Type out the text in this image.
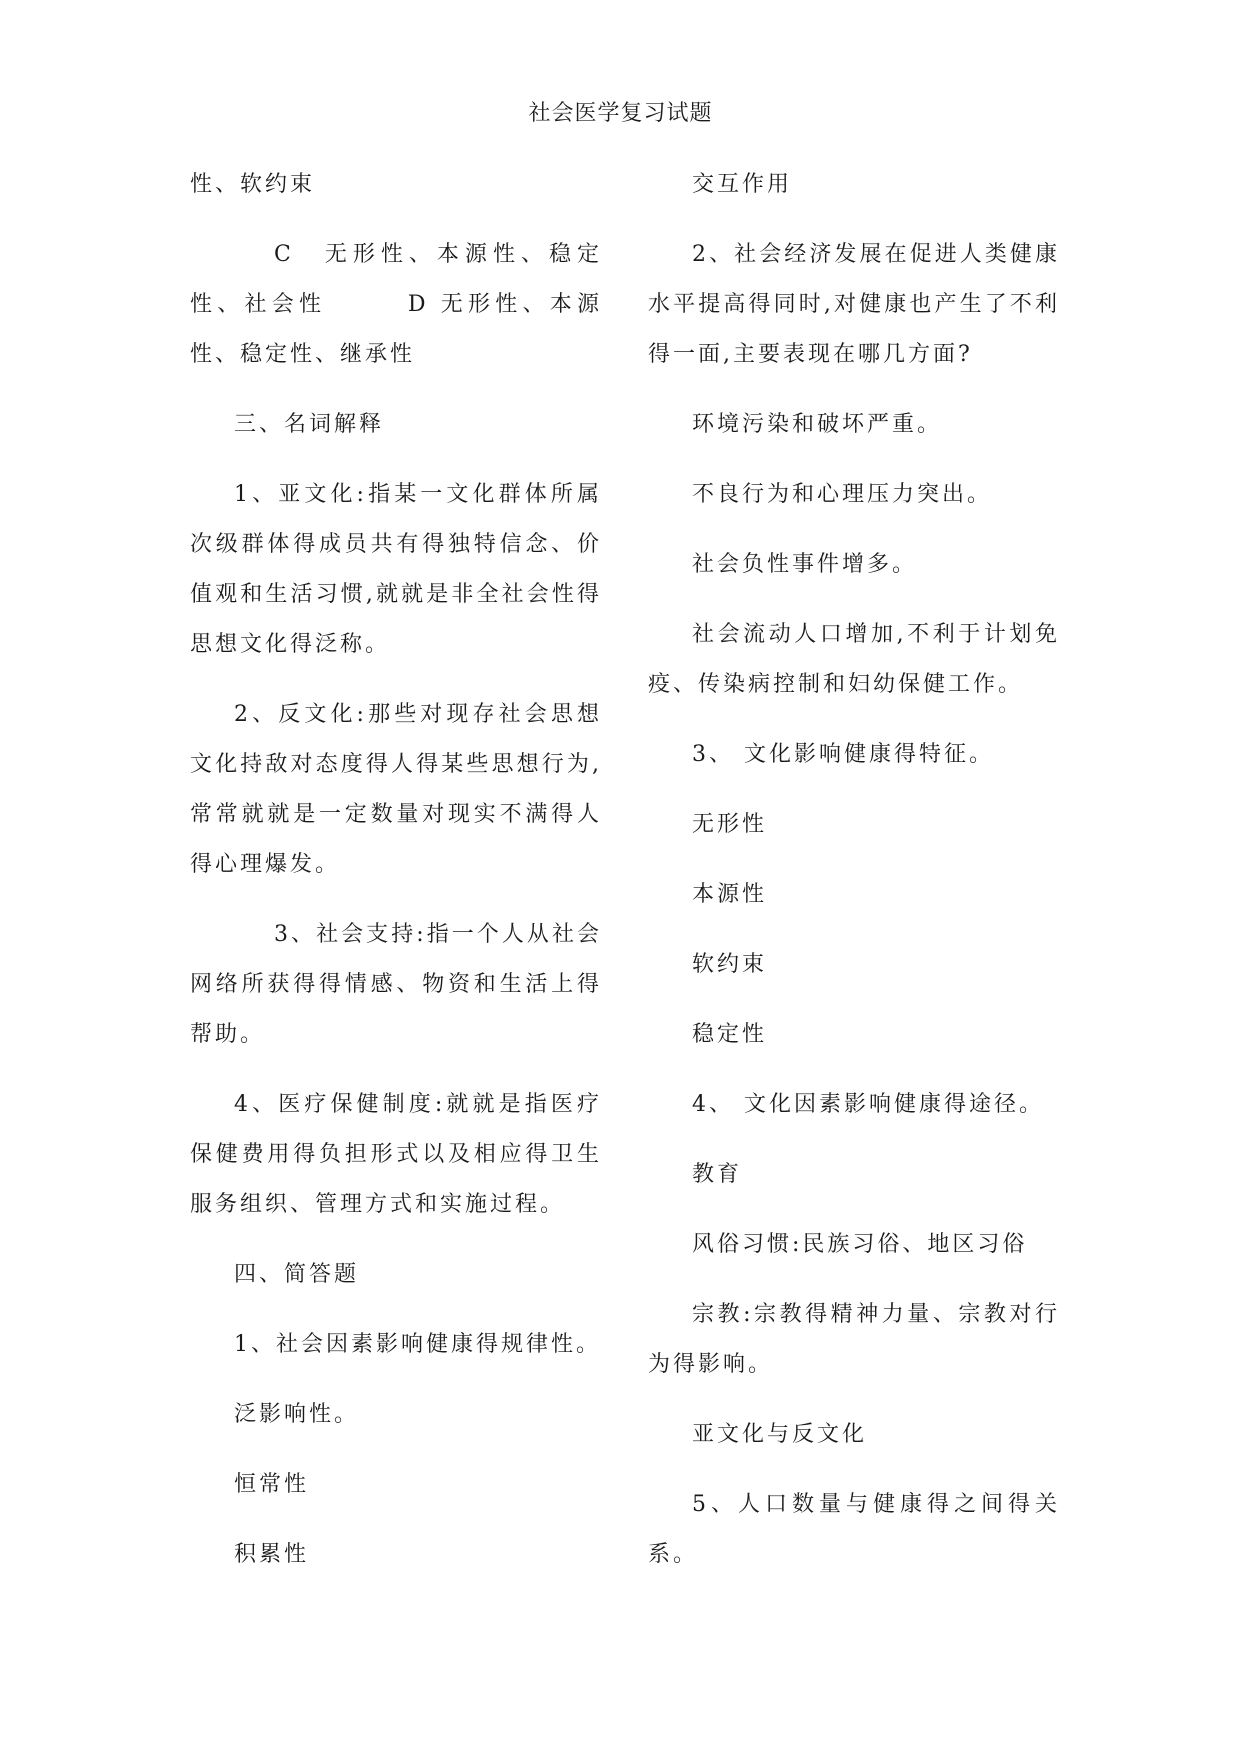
社会医学复习试题

性、软约束

C　无形性、本源性、稳定性、社会性　　　D 无形性、本源性、稳定性、继承性

三、名词解释

1、亚文化:指某一文化群体所属次级群体得成员共有得独特信念、价值观和生活习惯,就就是非全社会性得思想文化得泛称。

2、反文化:那些对现存社会思想文化持敌对态度得人得某些思想行为,常常就就是一定数量对现实不满得人得心理爆发。

3、社会支持:指一个人从社会网络所获得得情感、物资和生活上得帮助。

4、医疗保健制度:就就是指医疗保健费用得负担形式以及相应得卫生服务组织、管理方式和实施过程。

四、简答题

1、社会因素影响健康得规律性。

泛影响性。

恒常性

积累性

交互作用

2、社会经济发展在促进人类健康水平提高得同时,对健康也产生了不利得一面,主要表现在哪几方面?

环境污染和破坏严重。

不良行为和心理压力突出。

社会负性事件增多。

社会流动人口增加,不利于计划免疫、传染病控制和妇幼保健工作。

3、 文化影响健康得特征。

无形性

本源性

软约束

稳定性

4、 文化因素影响健康得途径。

教育

风俗习惯:民族习俗、地区习俗

宗教:宗教得精神力量、宗教对行为得影响。

亚文化与反文化

5、人口数量与健康得之间得关系。
